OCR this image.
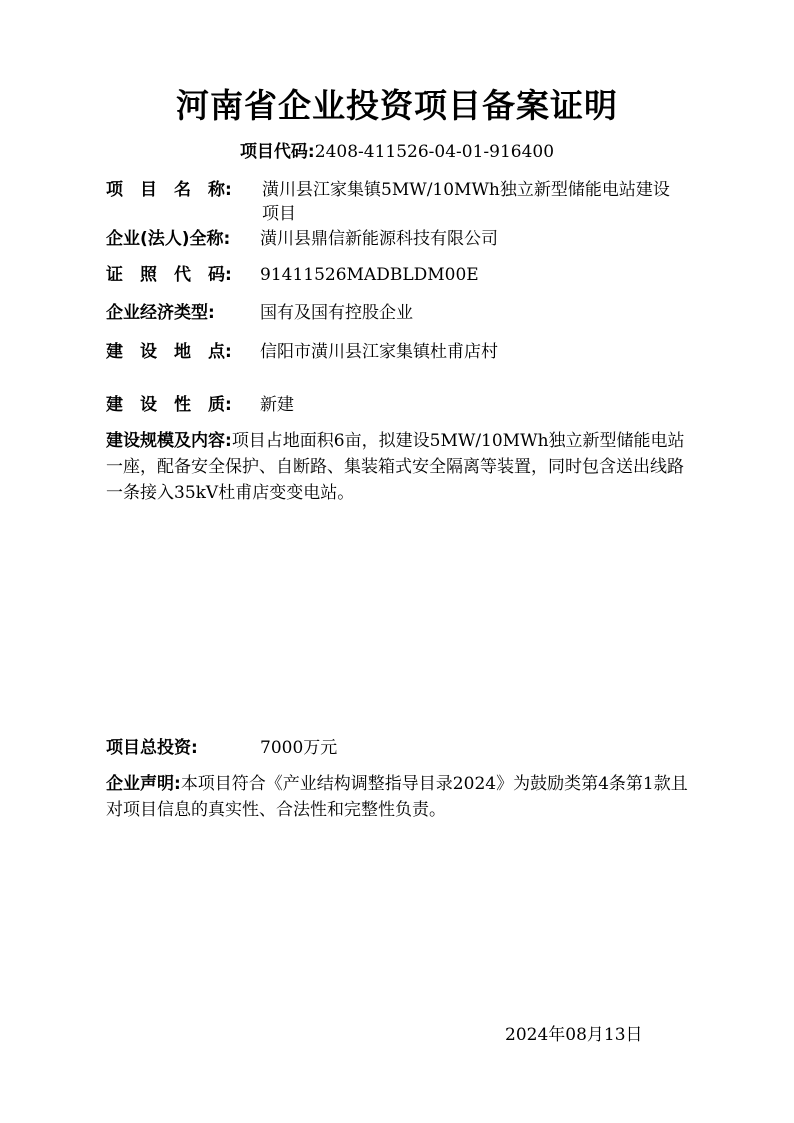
河南省企业投资项目备案证明
项目代码:2408-411526-04-01-916400
项　目　名　称:	潢川县江家集镇5MW/10MWh独立新型储能电站建设项目
企业(法人)全称: 潢川县鼎信新能源科技有限公司
证　照　代　码: 91411526MADBLDM00E
企业经济类型:	国有及国有控股企业
建　设　地　点: 信阳市潢川县江家集镇杜甫店村
建　设　性　质: 新建
建设规模及内容:项目占地面积6亩，拟建设5MW/10MWh独立新型储能电站一座，配备安全保护、自断路、集装箱式安全隔离等装置，同时包含送出线路一条接入35kV杜甫店变变电站。
项目总投资:	7000万元
企业声明:本项目符合《产业结构调整指导目录2024》为鼓励类第4条第1款且对项目信息的真实性、合法性和完整性负责。
2024年08月13日
